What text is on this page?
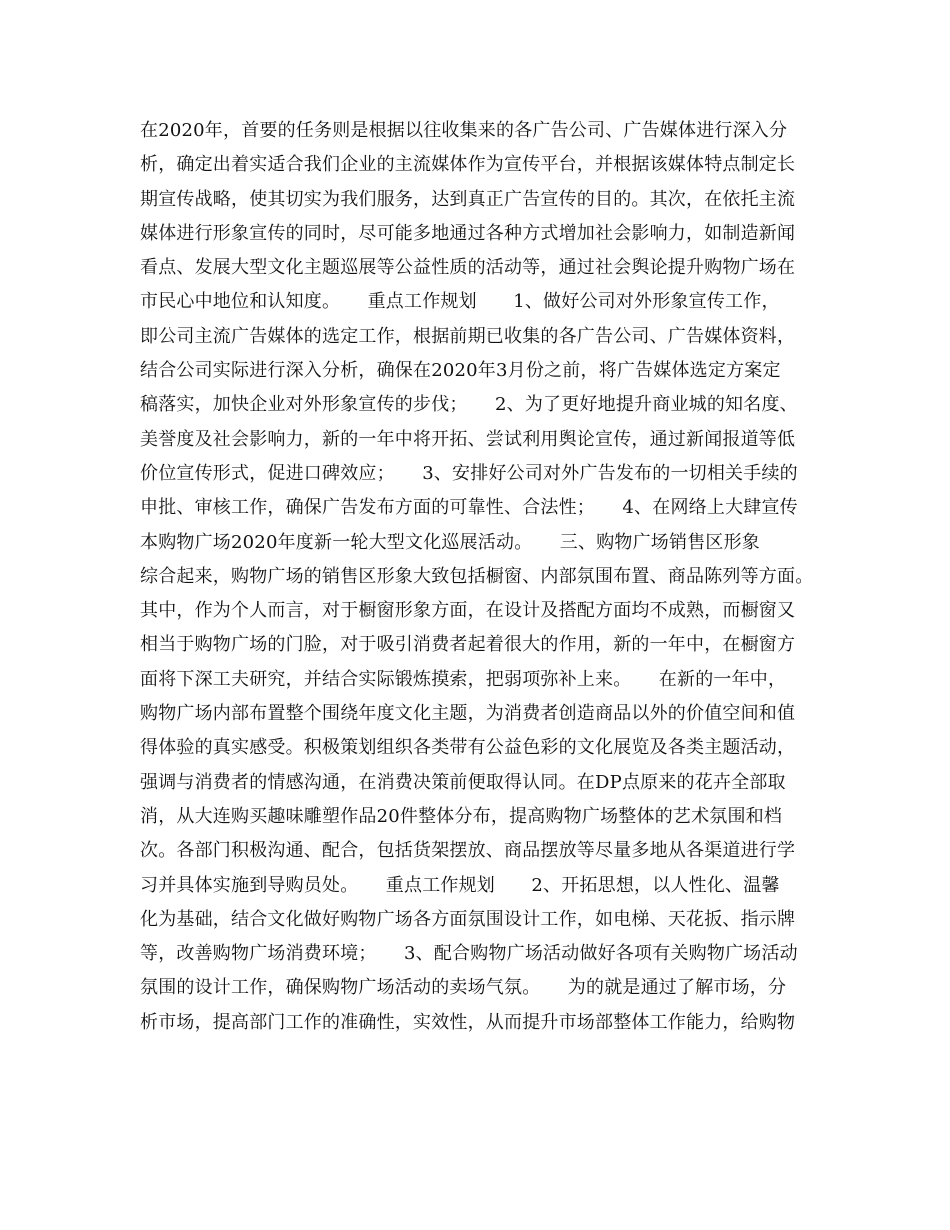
在2020年，首要的任务则是根据以往收集来的各广告公司、广告媒体进行深入分
析，确定出着实适合我们企业的主流媒体作为宣传平台，并根据该媒体特点制定长
期宣传战略，使其切实为我们服务，达到真正广告宣传的目的。其次，在依托主流
媒体进行形象宣传的同时，尽可能多地通过各种方式增加社会影响力，如制造新闻
看点、发展大型文化主题巡展等公益性质的活动等，通过社会舆论提升购物广场在
市民心中地位和认知度。　　重点工作规划　　1、做好公司对外形象宣传工作，
即公司主流广告媒体的选定工作，根据前期已收集的各广告公司、广告媒体资料，
结合公司实际进行深入分析，确保在2020年3月份之前，将广告媒体选定方案定
稿落实，加快企业对外形象宣传的步伐；　　2、为了更好地提升商业城的知名度、
美誉度及社会影响力，新的一年中将开拓、尝试利用舆论宣传，通过新闻报道等低
价位宣传形式，促进口碑效应；　　3、安排好公司对外广告发布的一切相关手续的
申批、审核工作，确保广告发布方面的可靠性、合法性；　　4、在网络上大肆宣传
本购物广场2020年度新一轮大型文化巡展活动。　　三、购物广场销售区形象
综合起来，购物广场的销售区形象大致包括橱窗、内部氛围布置、商品陈列等方面。
其中，作为个人而言，对于橱窗形象方面，在设计及搭配方面均不成熟，而橱窗又
相当于购物广场的门脸，对于吸引消费者起着很大的作用，新的一年中，在橱窗方
面将下深工夫研究，并结合实际锻炼摸索，把弱项弥补上来。　　在新的一年中，
购物广场内部布置整个围绕年度文化主题，为消费者创造商品以外的价值空间和值
得体验的真实感受。积极策划组织各类带有公益色彩的文化展览及各类主题活动，
强调与消费者的情感沟通，在消费决策前便取得认同。在DP点原来的花卉全部取
消，从大连购买趣味雕塑作品20件整体分布，提高购物广场整体的艺术氛围和档
次。各部门积极沟通、配合，包括货架摆放、商品摆放等尽量多地从各渠道进行学
习并具体实施到导购员处。　　重点工作规划　　2、开拓思想，以人性化、温馨
化为基础，结合文化做好购物广场各方面氛围设计工作，如电梯、天花扳、指示牌
等，改善购物广场消费环境；　　3、配合购物广场活动做好各项有关购物广场活动
氛围的设计工作，确保购物广场活动的卖场气氛。　　为的就是通过了解市场，分
析市场，提高部门工作的准确性，实效性，从而提升市场部整体工作能力，给购物
